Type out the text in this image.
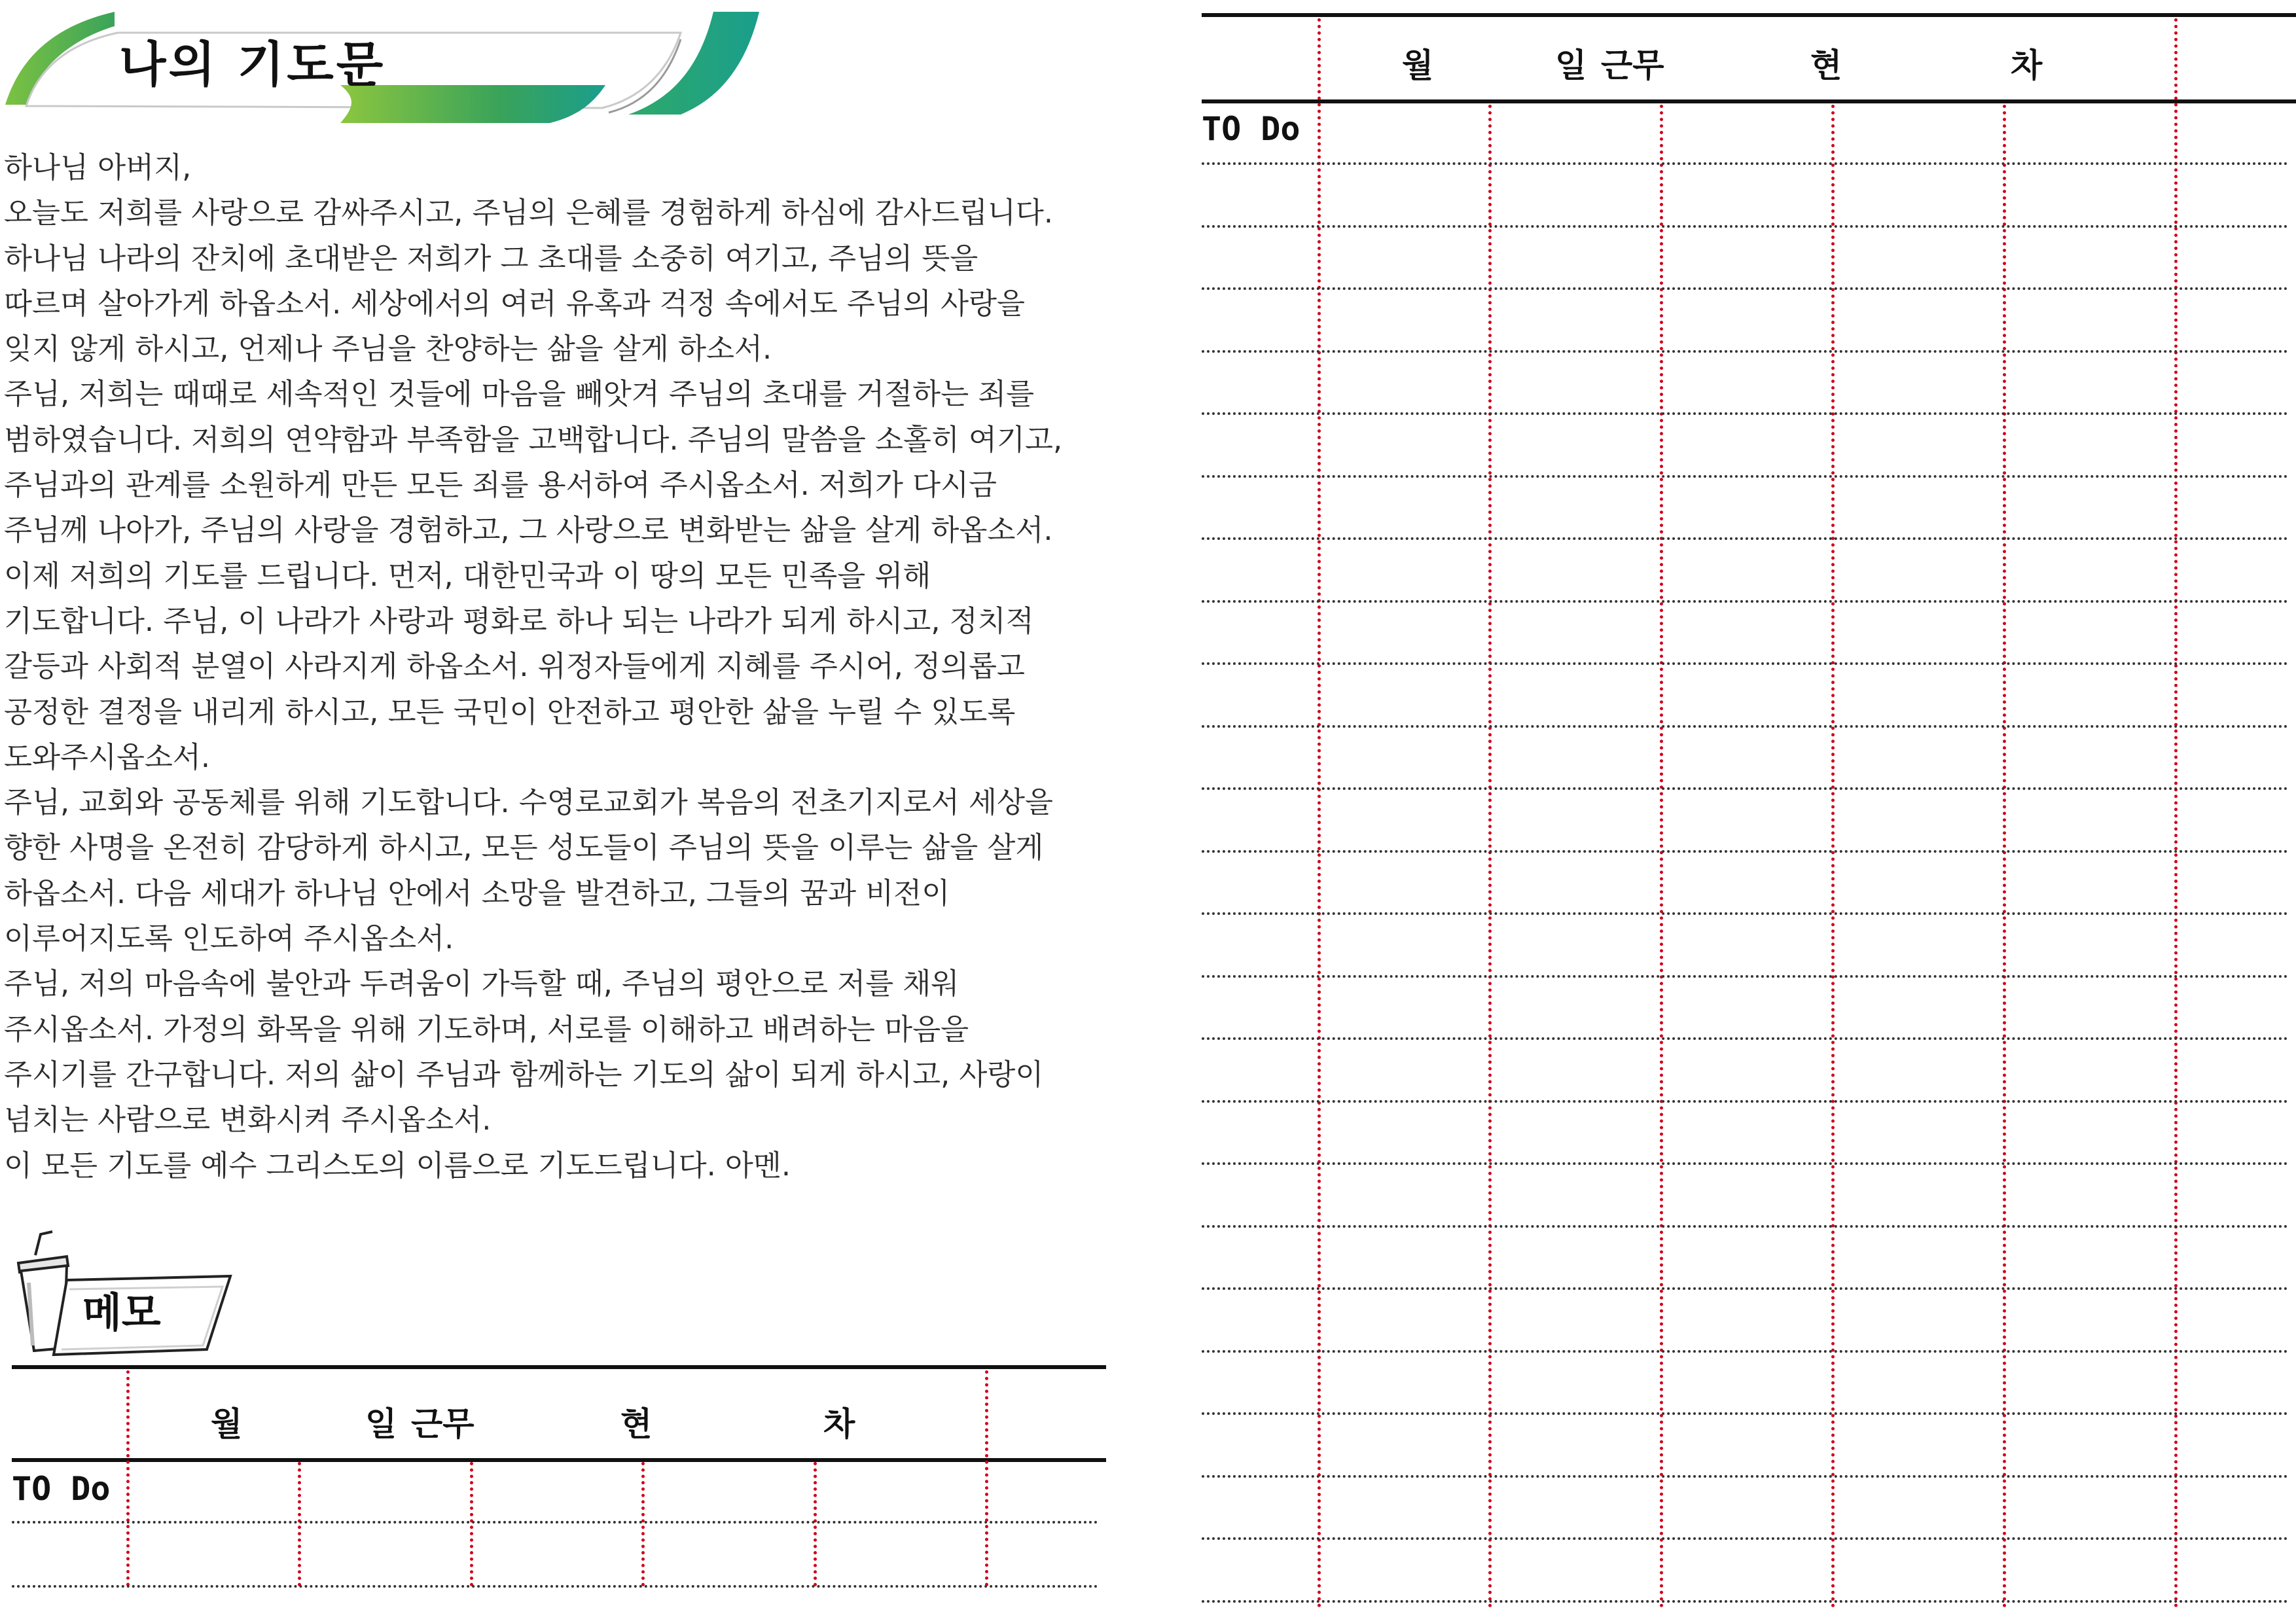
나의 기도문
하나님 아버지,
오늘도 저희를 사랑으로 감싸주시고, 주님의 은혜를 경험하게 하심에 감사드립니다.
하나님 나라의 잔치에 초대받은 저희가 그 초대를 소중히 여기고, 주님의 뜻을
따르며 살아가게 하옵소서. 세상에서의 여러 유혹과 걱정 속에서도 주님의 사랑을
잊지 않게 하시고, 언제나 주님을 찬양하는 삶을 살게 하소서.
주님, 저희는 때때로 세속적인 것들에 마음을 빼앗겨 주님의 초대를 거절하는 죄를
범하였습니다. 저희의 연약함과 부족함을 고백합니다. 주님의 말씀을 소홀히 여기고,
주님과의 관계를 소원하게 만든 모든 죄를 용서하여 주시옵소서. 저희가 다시금
주님께 나아가, 주님의 사랑을 경험하고, 그 사랑으로 변화받는 삶을 살게 하옵소서.
이제 저희의 기도를 드립니다. 먼저, 대한민국과 이 땅의 모든 민족을 위해
기도합니다. 주님, 이 나라가 사랑과 평화로 하나 되는 나라가 되게 하시고, 정치적
갈등과 사회적 분열이 사라지게 하옵소서. 위정자들에게 지혜를 주시어, 정의롭고
공정한 결정을 내리게 하시고, 모든 국민이 안전하고 평안한 삶을 누릴 수 있도록
도와주시옵소서.
주님, 교회와 공동체를 위해 기도합니다. 수영로교회가 복음의 전초기지로서 세상을
향한 사명을 온전히 감당하게 하시고, 모든 성도들이 주님의 뜻을 이루는 삶을 살게
하옵소서. 다음 세대가 하나님 안에서 소망을 발견하고, 그들의 꿈과 비전이
이루어지도록 인도하여 주시옵소서.
주님, 저의 마음속에 불안과 두려움이 가득할 때, 주님의 평안으로 저를 채워
주시옵소서. 가정의 화목을 위해 기도하며, 서로를 이해하고 배려하는 마음을
주시기를 간구합니다. 저의 삶이 주님과 함께하는 기도의 삶이 되게 하시고, 사랑이
넘치는 사람으로 변화시켜 주시옵소서.
이 모든 기도를 예수 그리스도의 이름으로 기도드립니다. 아멘.
메모
월	일 근무	현	차
TO Do
월	일 근무	현	차
TO Do
